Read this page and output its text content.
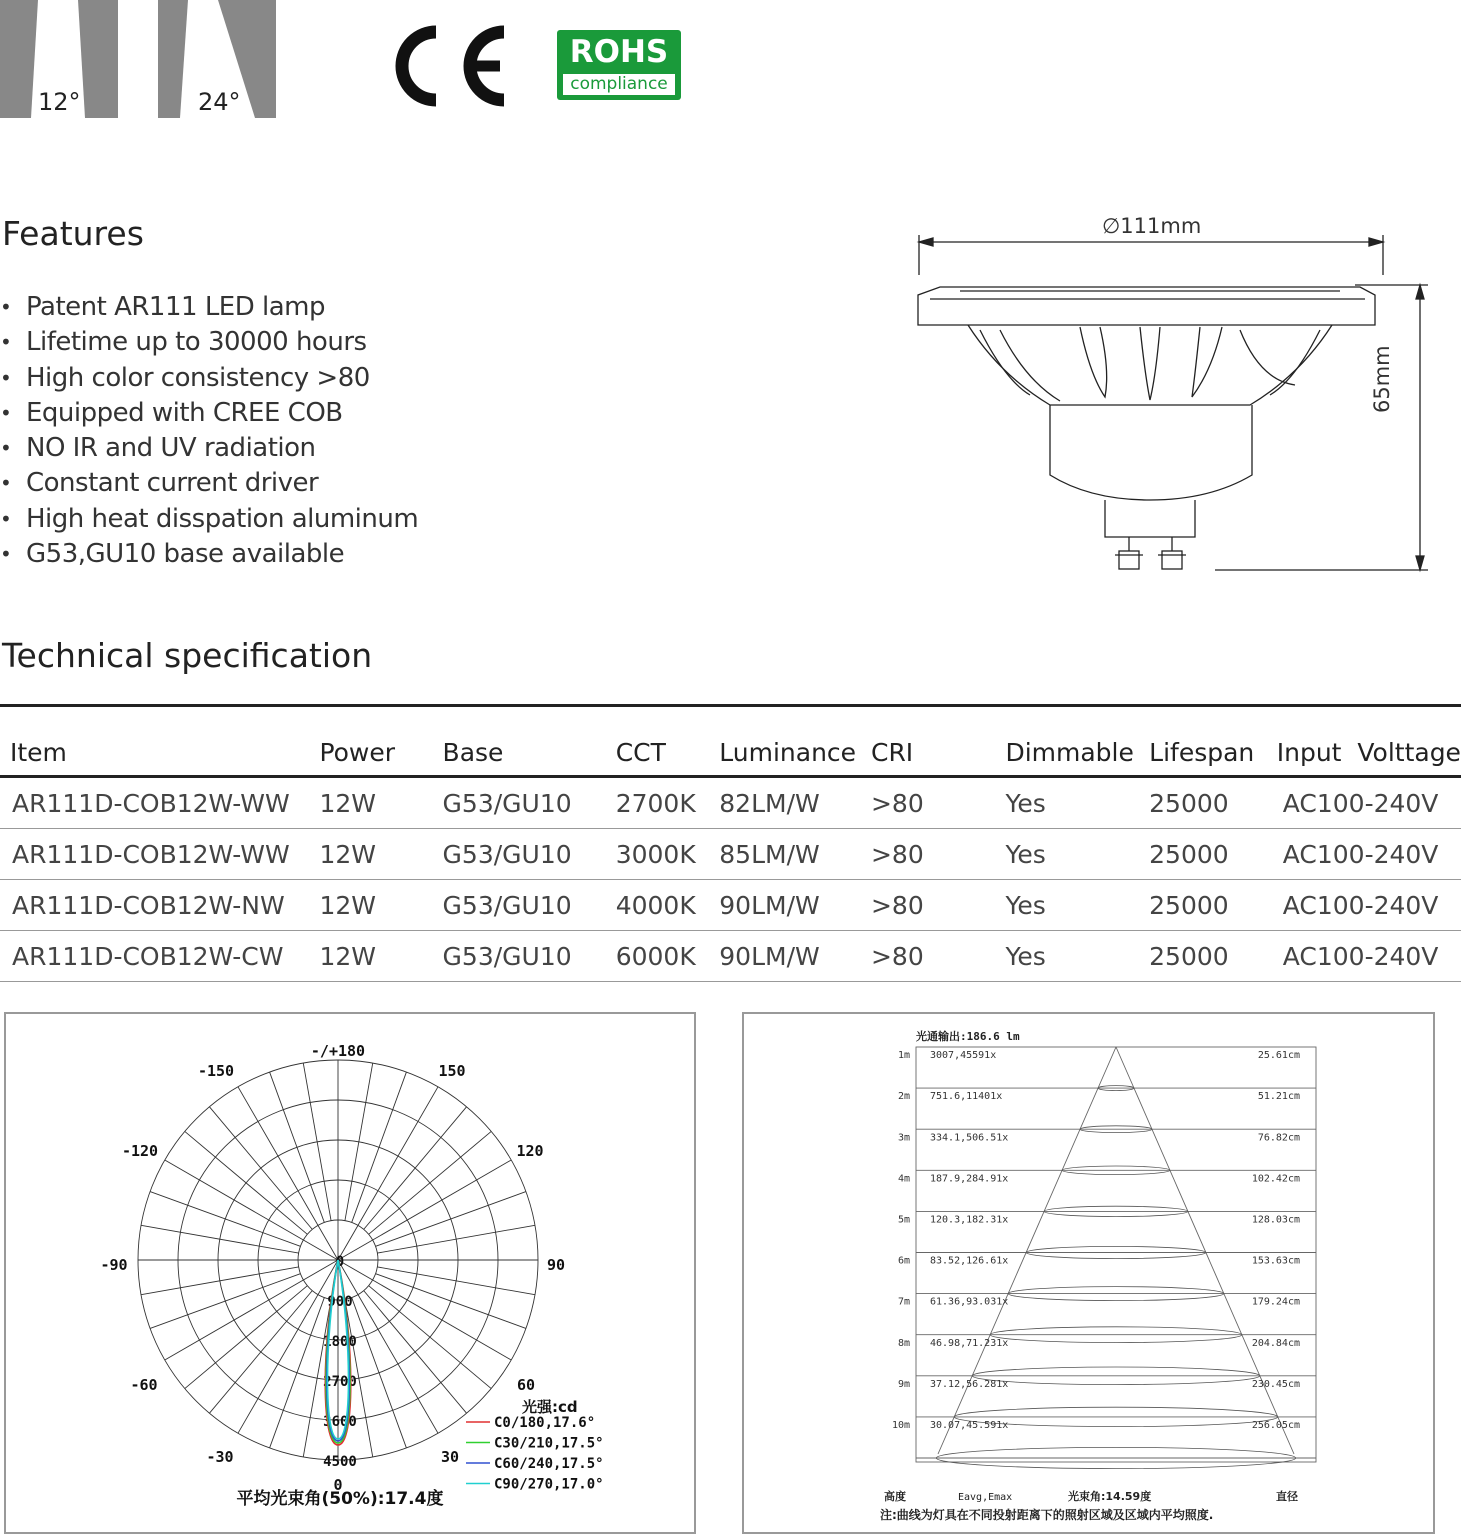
12°	24°
ROHS
compliance
Features
• Patent AR111 LED lamp
• Lifetime up to 30000 hours
• High color consistency >80
• Equipped with CREE COB
• NO IR and UV radiation
• Constant current driver
• High heat disspation aluminum
• G53,GU10 base available
∅111mm
65mm
Technical specification
Item	Power	Base	CCT	Luminance	CRI	Dimmable	Lifespan	Input  Volttage
AR111D-COB12W-WW	12W	G53/GU10	2700K	82LM/W	>80	Yes	25000	AC100-240V
AR111D-COB12W-WW	12W	G53/GU10	3000K	85LM/W	>80	Yes	25000	AC100-240V
AR111D-COB12W-NW	12W	G53/GU10	4000K	90LM/W	>80	Yes	25000	AC100-240V
AR111D-COB12W-CW	12W	G53/GU10	6000K	90LM/W	>80	Yes	25000	AC100-240V
-/+180
150
120
90
60
30
0
-30
-60
-90
-120
-150
0
900
1800
2700
3600
4500
光强:cd
C0/180,17.6°
C30/210,17.5°
C60/240,17.5°
C90/270,17.0°
平均光束角(50%):17.4度
光通输出:186.6 lm
1m 3007,45591x	25.61cm
2m 751.6,11401x	51.21cm
3m 334.1,506.51x	76.82cm
4m 187.9,284.91x	102.42cm
5m 120.3,182.31x	128.03cm
6m 83.52,126.61x	153.63cm
7m 61.36,93.031x	179.24cm
8m 46.98,71.231x	204.84cm
9m 37.12,56.281x	230.45cm
10m 30.07,45.591x	256.05cm
高度	Eavg,Emax	光束角:14.59度	直径
注:曲线为灯具在不同投射距离下的照射区域及区域内平均照度.
